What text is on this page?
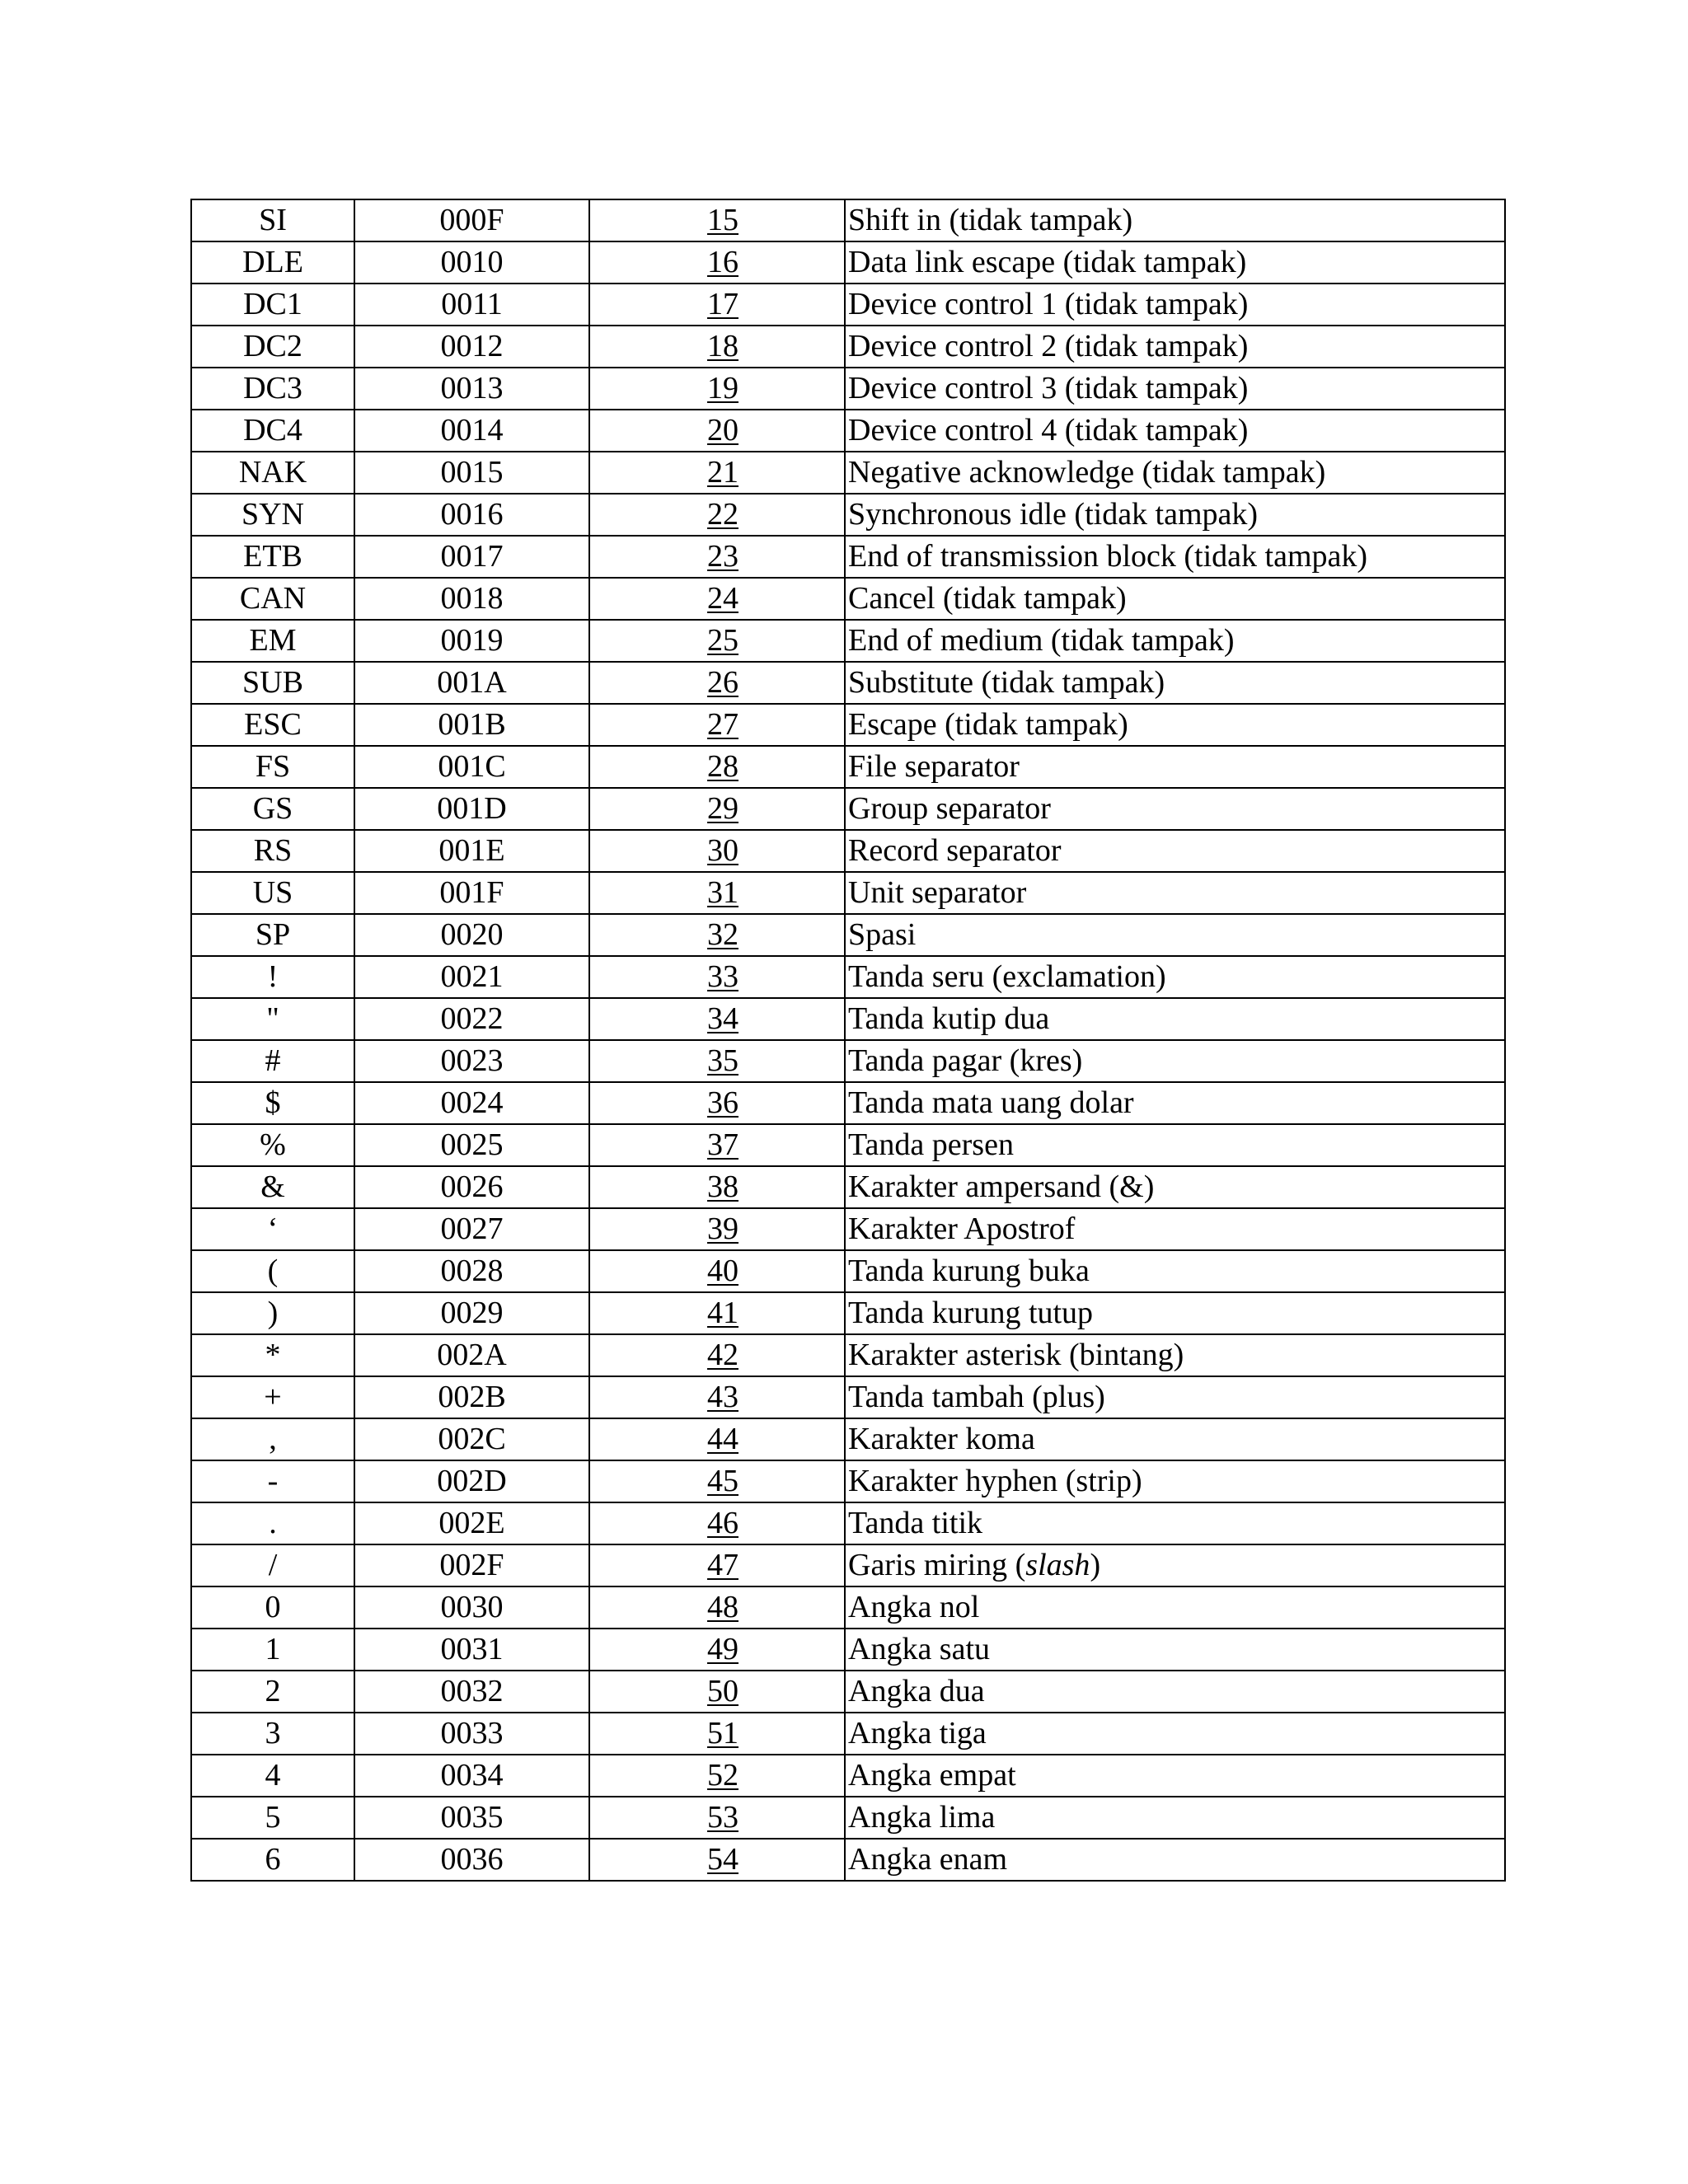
SI	000F	15	Shift in (tidak tampak)
DLE	0010	16	Data link escape (tidak tampak)
DC1	0011	17	Device control 1 (tidak tampak)
DC2	0012	18	Device control 2 (tidak tampak)
DC3	0013	19	Device control 3 (tidak tampak)
DC4	0014	20	Device control 4 (tidak tampak)
NAK	0015	21	Negative acknowledge (tidak tampak)
SYN	0016	22	Synchronous idle (tidak tampak)
ETB	0017	23	End of transmission block (tidak tampak)
CAN	0018	24	Cancel (tidak tampak)
EM	0019	25	End of medium (tidak tampak)
SUB	001A	26	Substitute (tidak tampak)
ESC	001B	27	Escape (tidak tampak)
FS	001C	28	File separator
GS	001D	29	Group separator
RS	001E	30	Record separator
US	001F	31	Unit separator
SP	0020	32	Spasi
!	0021	33	Tanda seru (exclamation)
"	0022	34	Tanda kutip dua
#	0023	35	Tanda pagar (kres)
$	0024	36	Tanda mata uang dolar
%	0025	37	Tanda persen
&	0026	38	Karakter ampersand (&)
‘	0027	39	Karakter Apostrof
(	0028	40	Tanda kurung buka
)	0029	41	Tanda kurung tutup
*	002A	42	Karakter asterisk (bintang)
+	002B	43	Tanda tambah (plus)
,	002C	44	Karakter koma
-	002D	45	Karakter hyphen (strip)
.	002E	46	Tanda titik
/	002F	47	Garis miring (slash)
0	0030	48	Angka nol
1	0031	49	Angka satu
2	0032	50	Angka dua
3	0033	51	Angka tiga
4	0034	52	Angka empat
5	0035	53	Angka lima
6	0036	54	Angka enam
